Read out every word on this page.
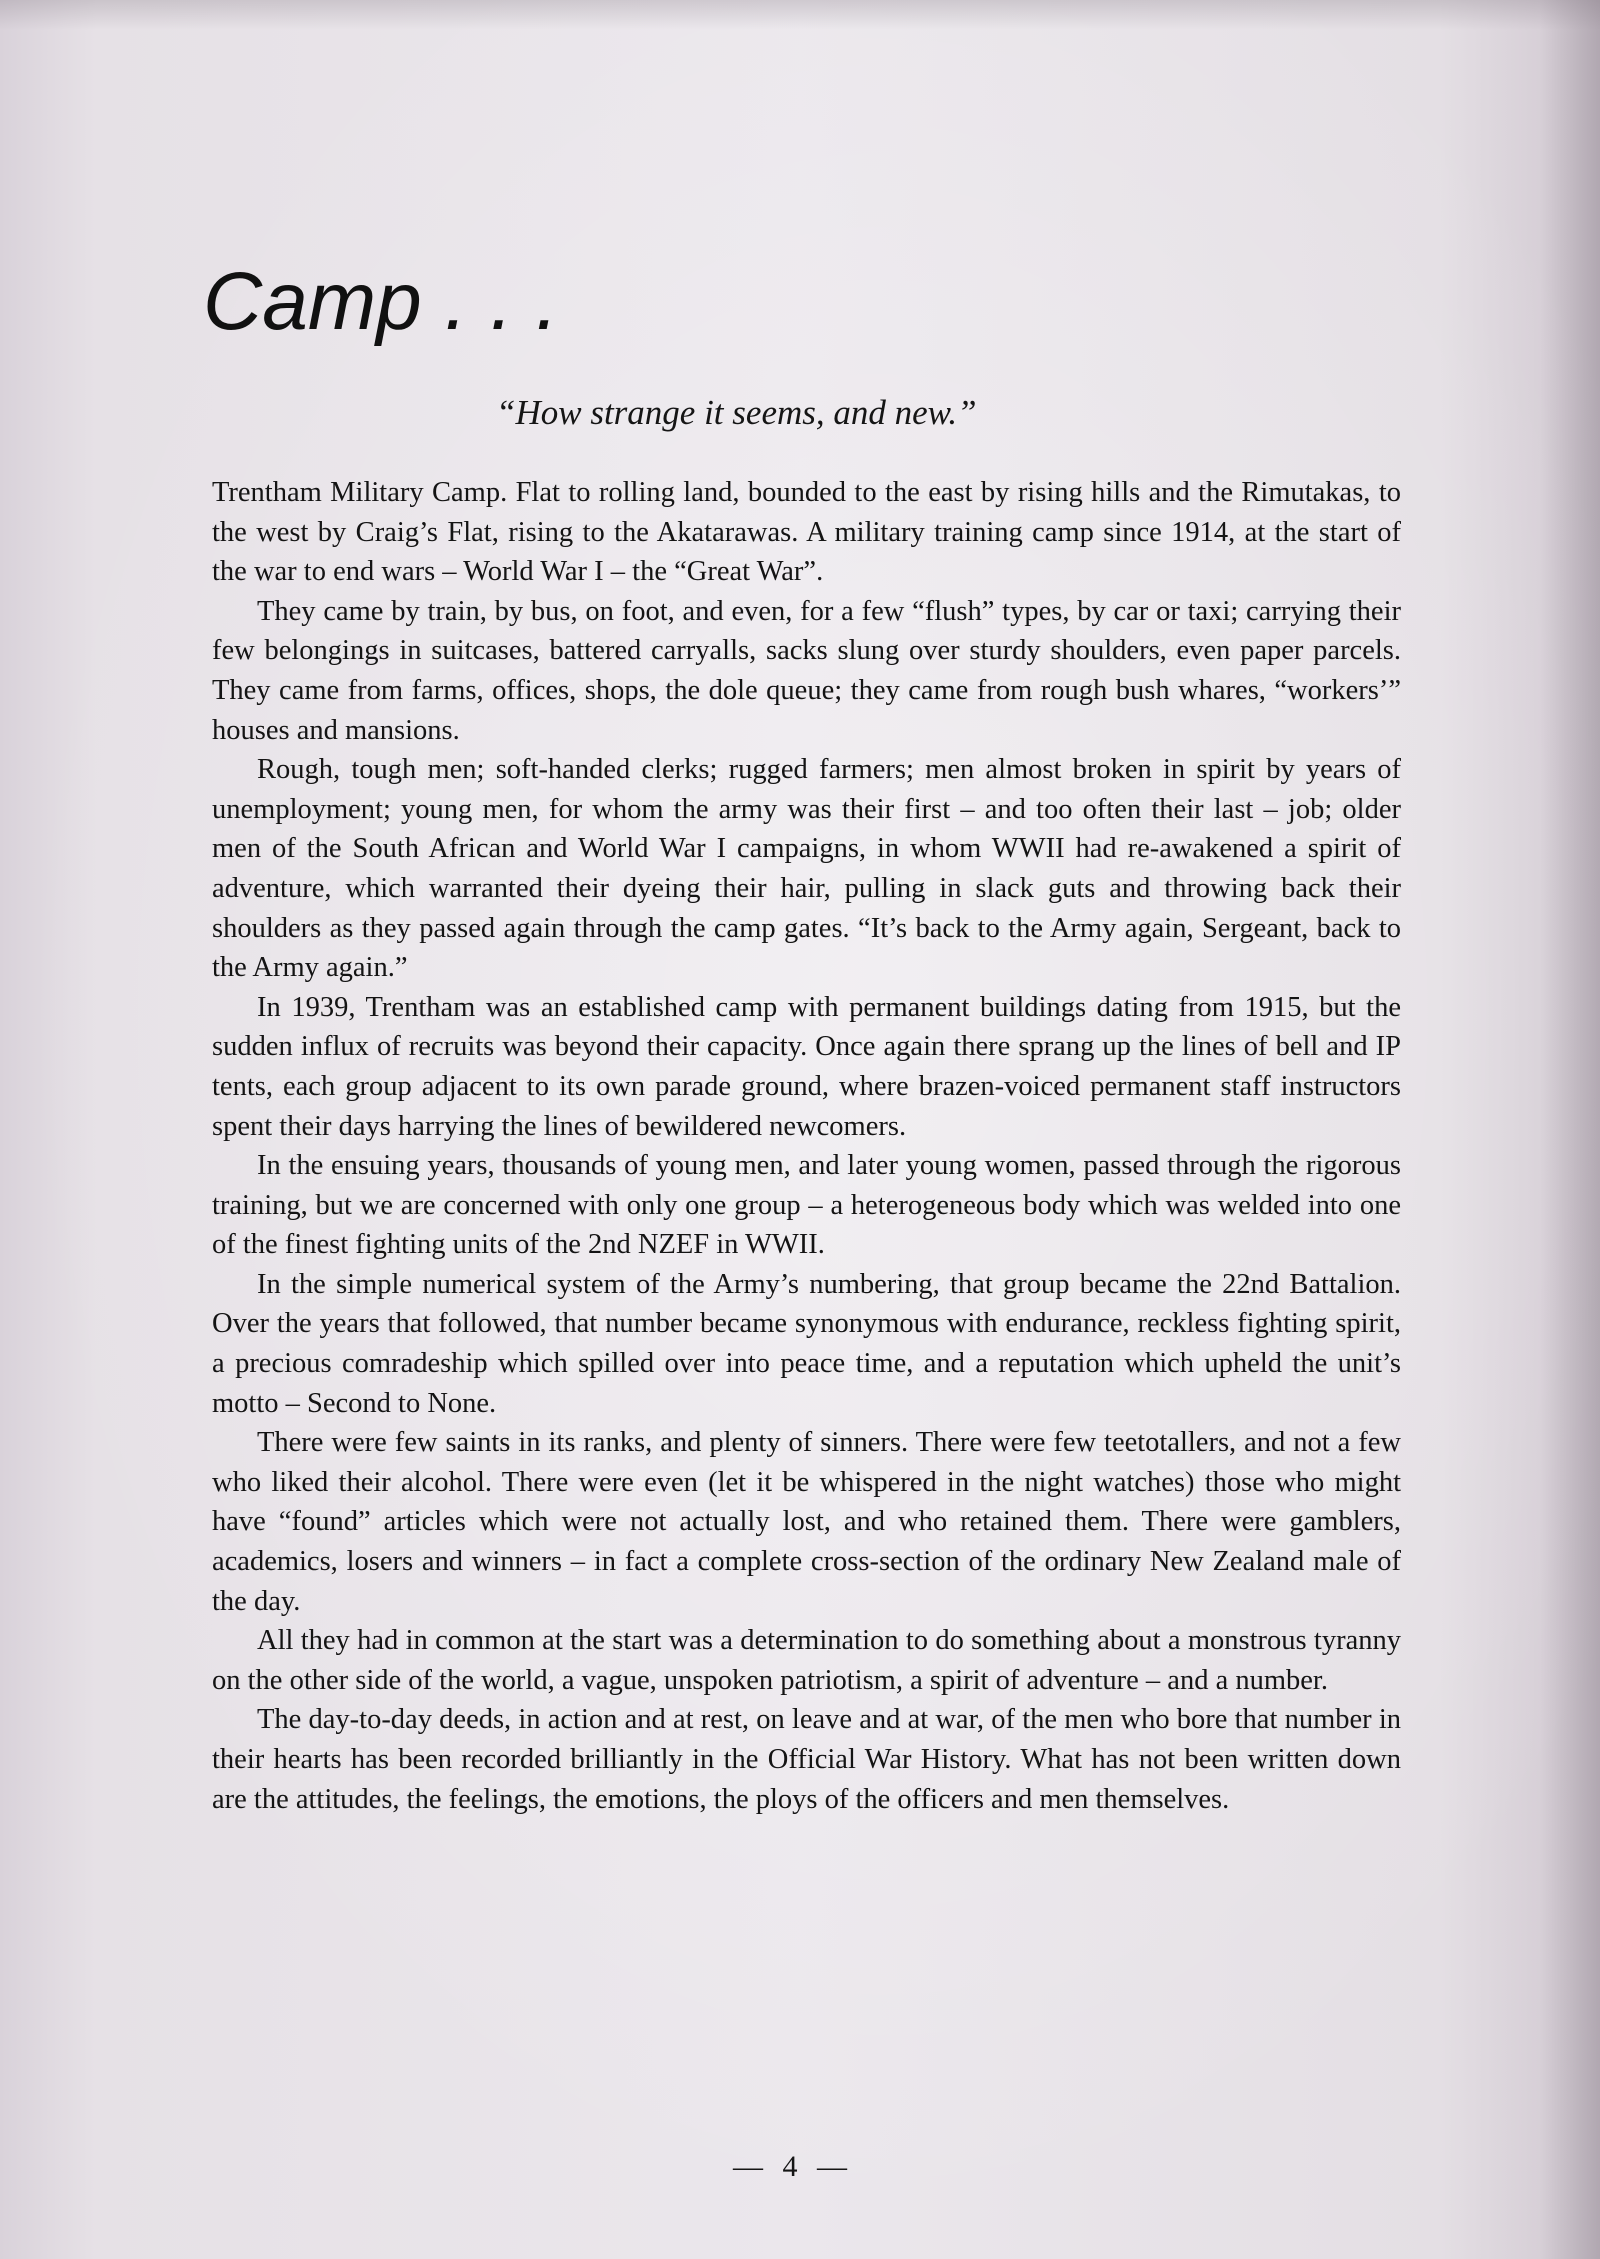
Camp . . .

“How strange it seems, and new.”

Trentham Military Camp. Flat to rolling land, bounded to the east by rising hills and the Rimutakas, to the west by Craig’s Flat, rising to the Akatarawas. A military training camp since 1914, at the start of the war to end wars – World War I – the “Great War”.

They came by train, by bus, on foot, and even, for a few “flush” types, by car or taxi; carrying their few belongings in suitcases, battered carryalls, sacks slung over sturdy shoulders, even paper parcels. They came from farms, offices, shops, the dole queue; they came from rough bush whares, “workers’” houses and mansions.

Rough, tough men; soft-handed clerks; rugged farmers; men almost broken in spirit by years of unemployment; young men, for whom the army was their first – and too often their last – job; older men of the South African and World War I campaigns, in whom WWII had re-awakened a spirit of adventure, which warranted their dyeing their hair, pulling in slack guts and throwing back their shoulders as they passed again through the camp gates. “It’s back to the Army again, Sergeant, back to the Army again.”

In 1939, Trentham was an established camp with permanent buildings dating from 1915, but the sudden influx of recruits was beyond their capacity. Once again there sprang up the lines of bell and IP tents, each group adjacent to its own parade ground, where brazen-voiced permanent staff instructors spent their days harrying the lines of bewildered newcomers.

In the ensuing years, thousands of young men, and later young women, passed through the rigorous training, but we are concerned with only one group – a heterogeneous body which was welded into one of the finest fighting units of the 2nd NZEF in WWII.

In the simple numerical system of the Army’s numbering, that group became the 22nd Battalion. Over the years that followed, that number became synonymous with endurance, reckless fighting spirit, a precious comradeship which spilled over into peace time, and a reputation which upheld the unit’s motto – Second to None.

There were few saints in its ranks, and plenty of sinners. There were few teetotallers, and not a few who liked their alcohol. There were even (let it be whispered in the night watches) those who might have “found” articles which were not actually lost, and who retained them. There were gamblers, academics, losers and winners – in fact a complete cross-section of the ordinary New Zealand male of the day.

All they had in common at the start was a determination to do something about a monstrous tyranny on the other side of the world, a vague, unspoken patriotism, a spirit of adventure – and a number.

The day-to-day deeds, in action and at rest, on leave and at war, of the men who bore that number in their hearts has been recorded brilliantly in the Official War History. What has not been written down are the attitudes, the feelings, the emotions, the ploys of the officers and men themselves.

— 4 —
